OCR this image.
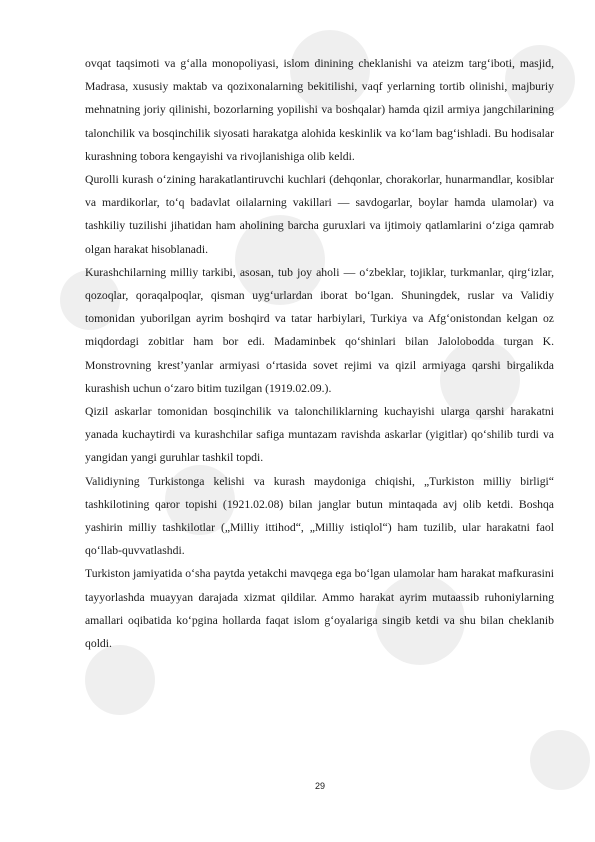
ovqat taqsimoti va g‘alla monopoliyasi, islom dinining cheklanishi va ateizm targ‘iboti, masjid, Madrasa, xususiy maktab va qozixonalarning bekitilishi, vaqf yerlarning tortib olinishi, majburiy mehnatning joriy qilinishi, bozorlarning yopilishi va boshqalar) hamda qizil armiya jangchilarining talonchilik va bosqinchilik siyosati harakatga alohida keskinlik va ko‘lam bag‘ishladi. Bu hodisalar kurashning tobora kengayishi va rivojlanishiga olib keldi.

Qurolli kurash o‘zining harakatlantiruvchi kuchlari (dehqonlar, chorakorlar, hunarmandlar, kosiblar va mardikorlar, to‘q badavlat oilalarning vakillari — savdogarlar, boylar hamda ulamolar) va tashkiliy tuzilishi jihatidan ham aholining barcha guruxlari va ijtimoiy qatlamlarini o‘ziga qamrab olgan harakat hisoblanadi.

Kurashchilarning milliy tarkibi, asosan, tub joy aholi — o‘zbeklar, tojiklar, turkmanlar, qirg‘izlar, qozoqlar, qoraqalpoqlar, qisman uyg‘urlardan iborat bo‘lgan. Shuningdek, ruslar va Validiy tomonidan yuborilgan ayrim boshqird va tatar harbiylari, Turkiya va Afg‘onistondan kelgan oz miqdordagi zobitlar ham bor edi. Madaminbek qo‘shinlari bilan Jalolobodda turgan K. Monstrovning krest’yanlar armiyasi o‘rtasida sovet rejimi va qizil armiyaga qarshi birgalikda kurashish uchun o‘zaro bitim tuzilgan (1919.02.09.).

Qizil askarlar tomonidan bosqinchilik va talonchiliklarning kuchayishi ularga qarshi harakatni yanada kuchaytirdi va kurashchilar safiga muntazam ravishda askarlar (yigitlar) qo‘shilib turdi va yangidan yangi guruhlar tashkil topdi.

Validiyning Turkistonga kelishi va kurash maydoniga chiqishi, „Turkiston milliy birligi“ tashkilotining qaror topishi (1921.02.08) bilan janglar butun mintaqada avj olib ketdi. Boshqa yashirin milliy tashkilotlar („Milliy ittihod“, „Milliy istiqlol“) ham tuzilib, ular harakatni faol qo‘llab-quvvatlashdi.

Turkiston jamiyatida o‘sha paytda yetakchi mavqega ega bo‘lgan ulamolar ham harakat mafkurasini tayyorlashda muayyan darajada xizmat qildilar. Ammo harakat ayrim mutaassib ruhoniylarning amallari oqibatida ko‘pgina hollarda faqat islom g‘oyalariga singib ketdi va shu bilan cheklanib qoldi.

29
